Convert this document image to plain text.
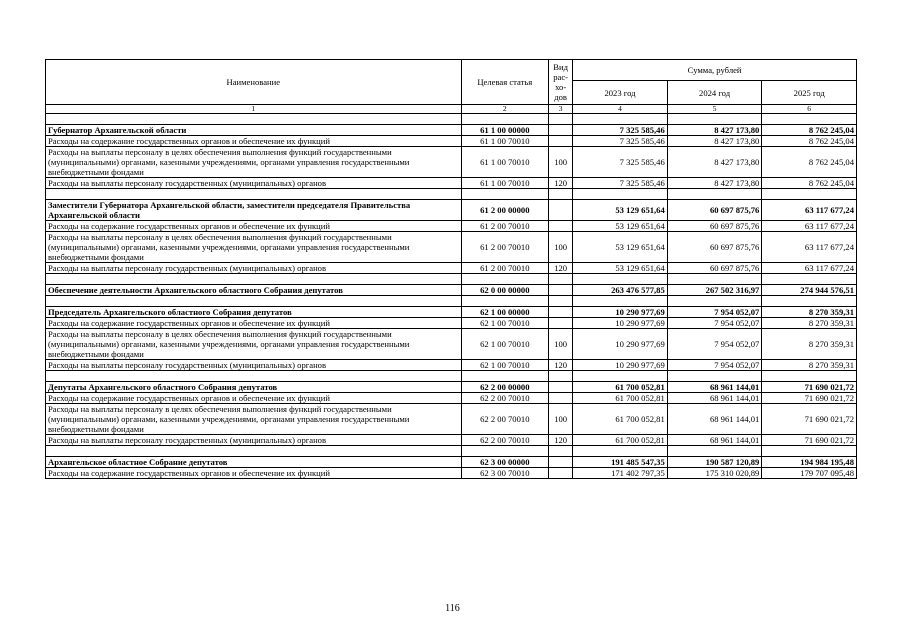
Наименование	Целевая статья	Вид рас-хо-дов	Сумма, рублей		
			2023 год	2024 год	2025 год
1	2	3	4	5	6

Губернатор Архангельской области	61 1 00 00000		7 325 585,46	8 427 173,80	8 762 245,04
Расходы на содержание государственных органов и обеспечение их функций	61 1 00 70010		7 325 585,46	8 427 173,80	8 762 245,04
Расходы на выплаты персоналу в целях обеспечения выполнения функций государственными (муниципальными) органами, казенными учреждениями, органами управления государственными внебюджетными фондами	61 1 00 70010	100	7 325 585,46	8 427 173,80	8 762 245,04
Расходы на выплаты персоналу государственных (муниципальных) органов	61 1 00 70010	120	7 325 585,46	8 427 173,80	8 762 245,04

Заместители Губернатора Архангельской области, заместители председателя Правительства Архангельской области	61 2 00 00000		53 129 651,64	60 697 875,76	63 117 677,24
Расходы на содержание государственных органов и обеспечение их функций	61 2 00 70010		53 129 651,64	60 697 875,76	63 117 677,24
Расходы на выплаты персоналу в целях обеспечения выполнения функций государственными (муниципальными) органами, казенными учреждениями, органами управления государственными внебюджетными фондами	61 2 00 70010	100	53 129 651,64	60 697 875,76	63 117 677,24
Расходы на выплаты персоналу государственных (муниципальных) органов	61 2 00 70010	120	53 129 651,64	60 697 875,76	63 117 677,24

Обеспечение деятельности Архангельского областного Собрания депутатов	62 0 00 00000		263 476 577,85	267 502 316,97	274 944 576,51

Председатель Архангельского областного Собрания депутатов	62 1 00 00000		10 290 977,69	7 954 052,07	8 270 359,31
Расходы на содержание государственных органов и обеспечение их функций	62 1 00 70010		10 290 977,69	7 954 052,07	8 270 359,31
Расходы на выплаты персоналу в целях обеспечения выполнения функций государственными (муниципальными) органами, казенными учреждениями, органами управления государственными внебюджетными фондами	62 1 00 70010	100	10 290 977,69	7 954 052,07	8 270 359,31
Расходы на выплаты персоналу государственных (муниципальных) органов	62 1 00 70010	120	10 290 977,69	7 954 052,07	8 270 359,31

Депутаты Архангельского областного Собрания депутатов	62 2 00 00000		61 700 052,81	68 961 144,01	71 690 021,72
Расходы на содержание государственных органов и обеспечение их функций	62 2 00 70010		61 700 052,81	68 961 144,01	71 690 021,72
Расходы на выплаты персоналу в целях обеспечения выполнения функций государственными (муниципальными) органами, казенными учреждениями, органами управления государственными внебюджетными фондами	62 2 00 70010	100	61 700 052,81	68 961 144,01	71 690 021,72
Расходы на выплаты персоналу государственных (муниципальных) органов	62 2 00 70010	120	61 700 052,81	68 961 144,01	71 690 021,72

Архангельское областное Собрание депутатов	62 3 00 00000		191 485 547,35	190 587 120,89	194 984 195,48
Расходы на содержание государственных органов и обеспечение их функций	62 3 00 70010		171 402 797,35	175 310 020,89	179 707 095,48
116
